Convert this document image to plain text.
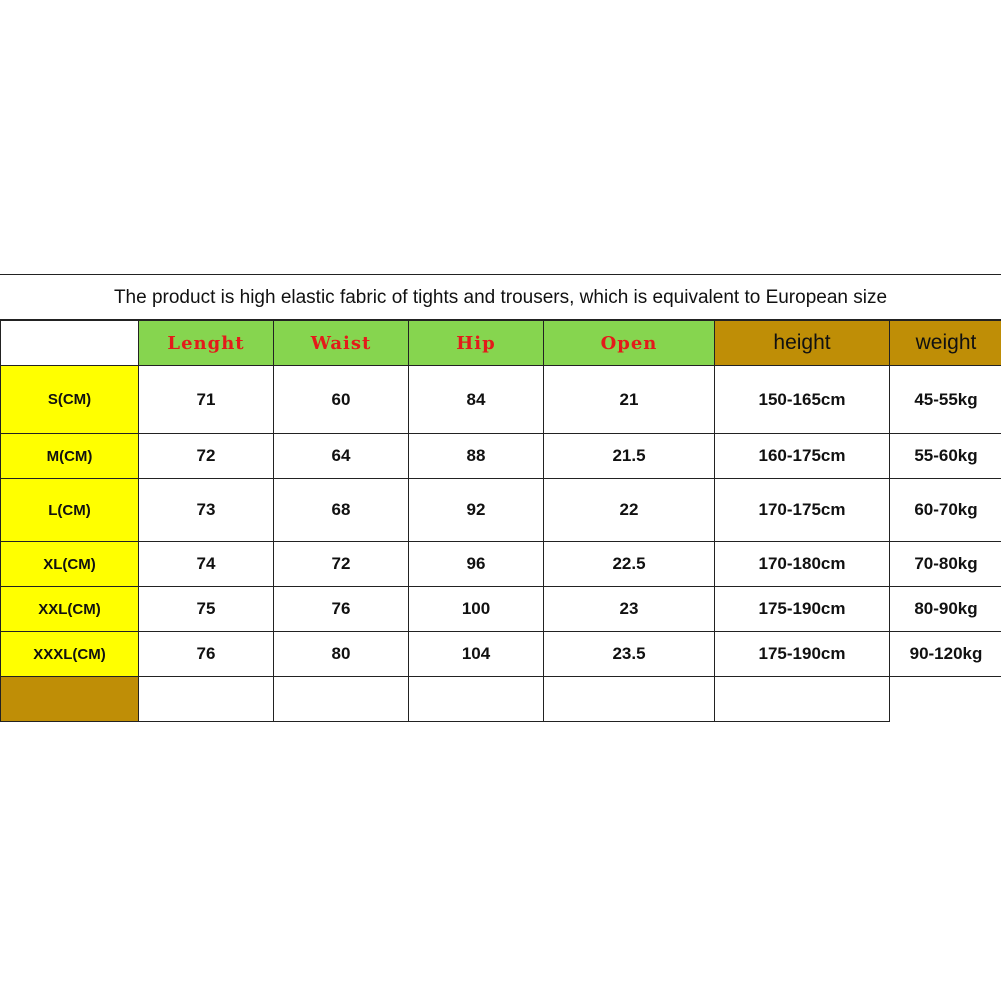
The product is high elastic fabric of tights and trousers, which is equivalent to European size
	Lenght	Waist	Hip	Open	height	weight
S(CM)	71	60	84	21	150-165cm	45-55kg
M(CM)	72	64	88	21.5	160-175cm	55-60kg
L(CM)	73	68	92	22	170-175cm	60-70kg
XL(CM)	74	72	96	22.5	170-180cm	70-80kg
XXL(CM)	75	76	100	23	175-190cm	80-90kg
XXXL(CM)	76	80	104	23.5	175-190cm	90-120kg
